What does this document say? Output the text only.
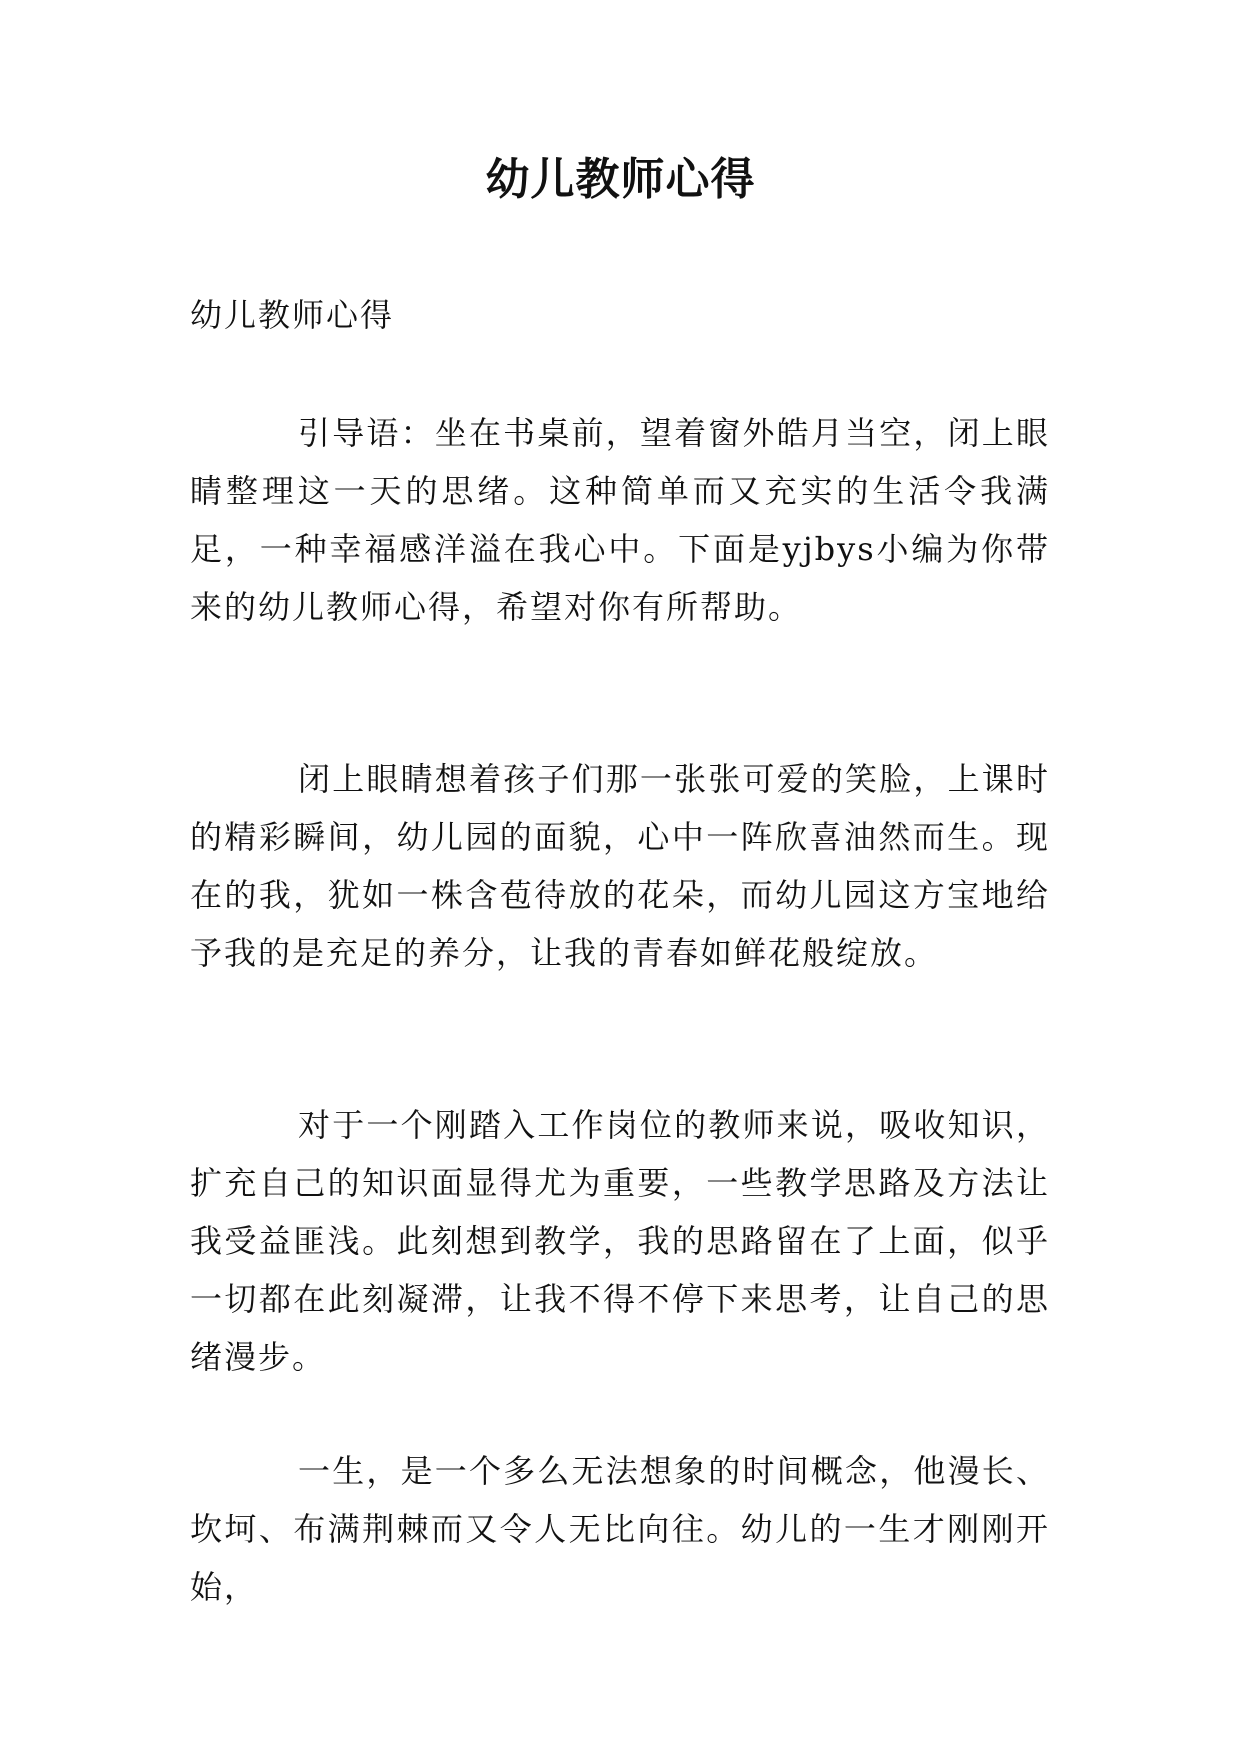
幼儿教师心得
幼儿教师心得

引导语：坐在书桌前，望着窗外皓月当空，闭上眼睛整理这一天的思绪。这种简单而又充实的生活令我满足，一种幸福感洋溢在我心中。下面是yjbys小编为你带来的幼儿教师心得，希望对你有所帮助。

闭上眼睛想着孩子们那一张张可爱的笑脸，上课时的精彩瞬间，幼儿园的面貌，心中一阵欣喜油然而生。现在的我，犹如一株含苞待放的花朵，而幼儿园这方宝地给予我的是充足的养分，让我的青春如鲜花般绽放。

对于一个刚踏入工作岗位的教师来说，吸收知识，扩充自己的知识面显得尤为重要，一些教学思路及方法让我受益匪浅。此刻想到教学，我的思路留在了上面，似乎一切都在此刻凝滞，让我不得不停下来思考，让自己的思绪漫步。

一生，是一个多么无法想象的时间概念，他漫长、坎坷、布满荆棘而又令人无比向往。幼儿的一生才刚刚开始，
